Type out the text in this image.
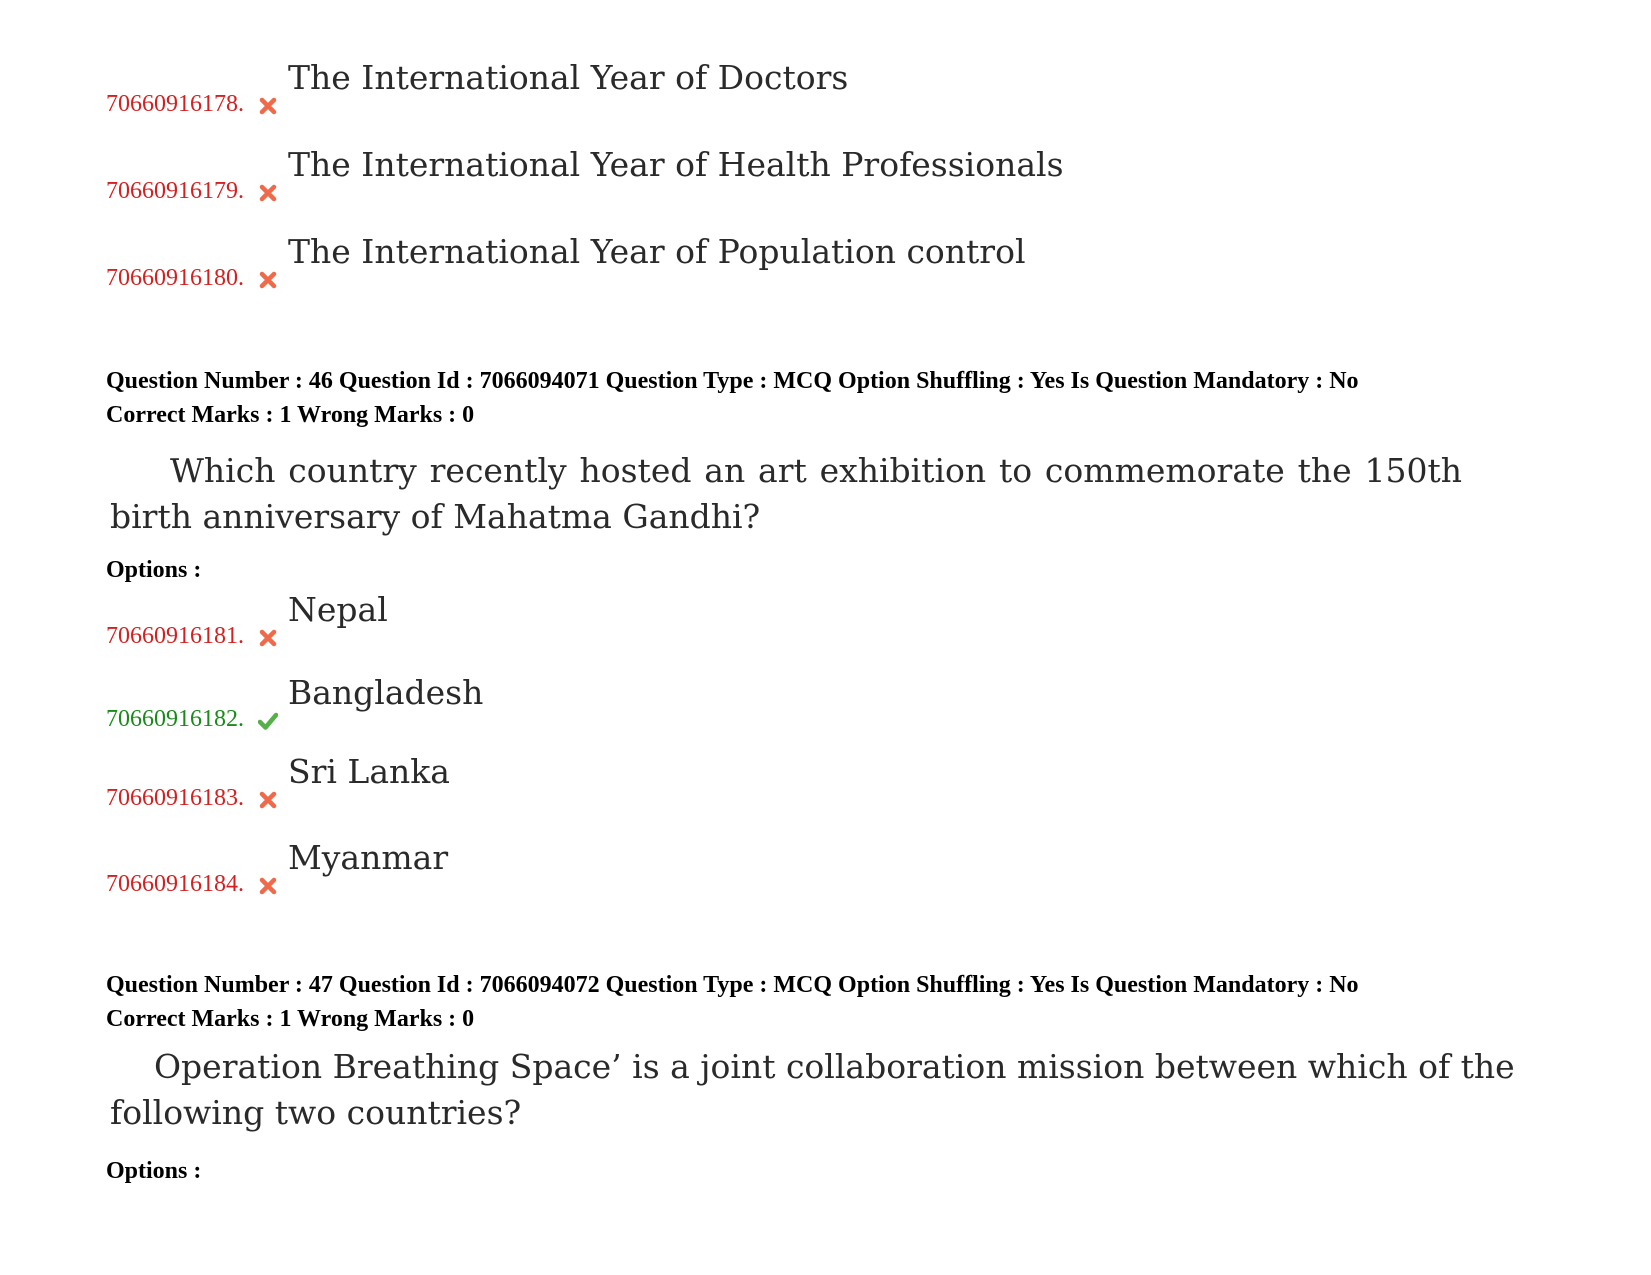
70660916178.
The International Year of Doctors
70660916179.
The International Year of Health Professionals
70660916180.
The International Year of Population control
Question Number : 46 Question Id : 7066094071 Question Type : MCQ Option Shuffling : Yes Is Question Mandatory : No
Correct Marks : 1 Wrong Marks : 0
Which country recently hosted an art exhibition to commemorate the 150th birth anniversary of Mahatma Gandhi?
Options :
70660916181.
Nepal
70660916182.
Bangladesh
70660916183.
Sri Lanka
70660916184.
Myanmar
Question Number : 47 Question Id : 7066094072 Question Type : MCQ Option Shuffling : Yes Is Question Mandatory : No
Correct Marks : 1 Wrong Marks : 0
Operation Breathing Space’ is a joint collaboration mission between which of the
following two countries?
Options :
